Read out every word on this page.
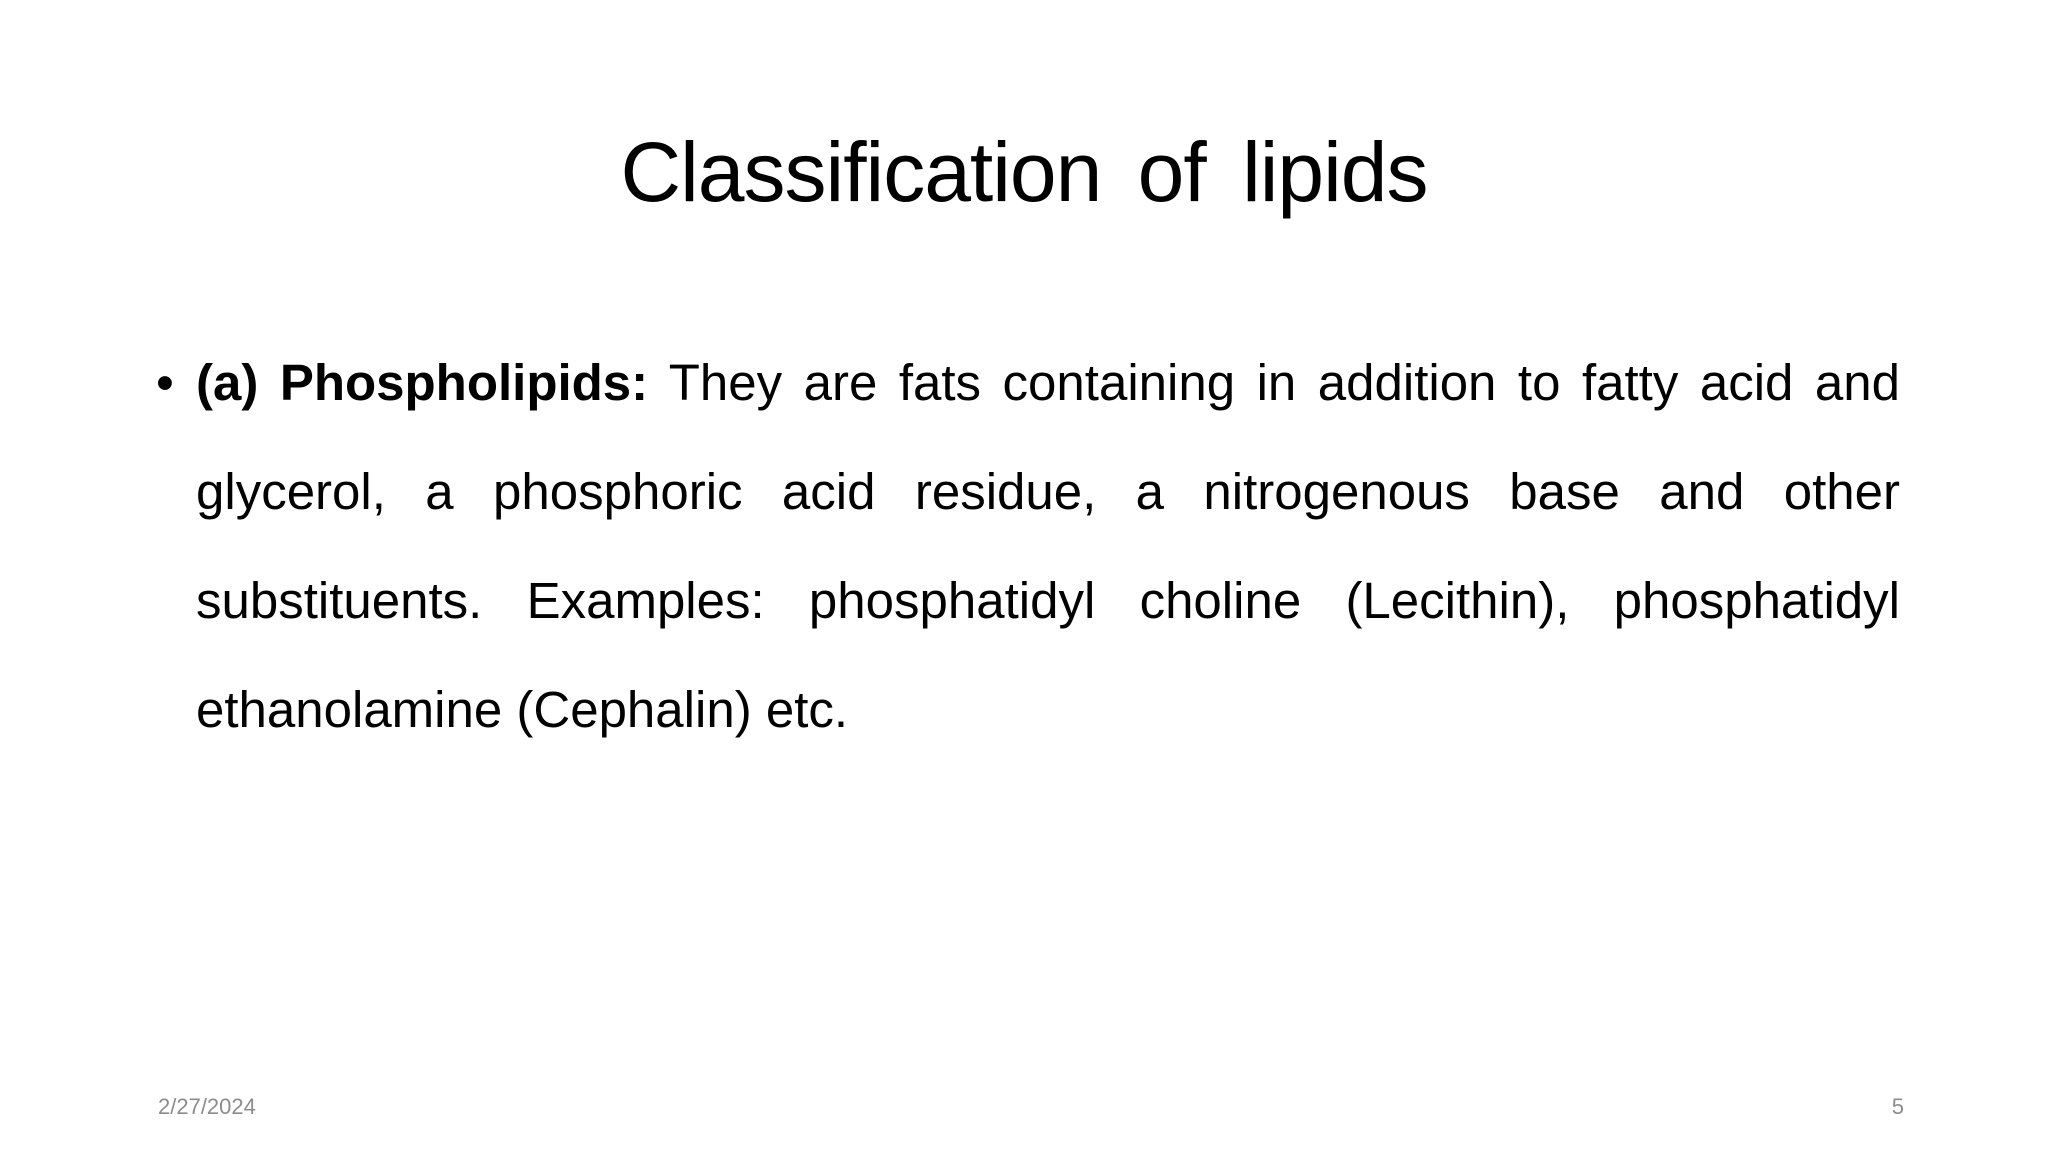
Classification of lipids
• (a) Phospholipids: They are fats containing in addition to fatty acid and glycerol, a phosphoric acid residue, a nitrogenous base and other substituents. Examples: phosphatidyl choline (Lecithin), phosphatidyl ethanolamine (Cephalin) etc.
2/27/2024	5
